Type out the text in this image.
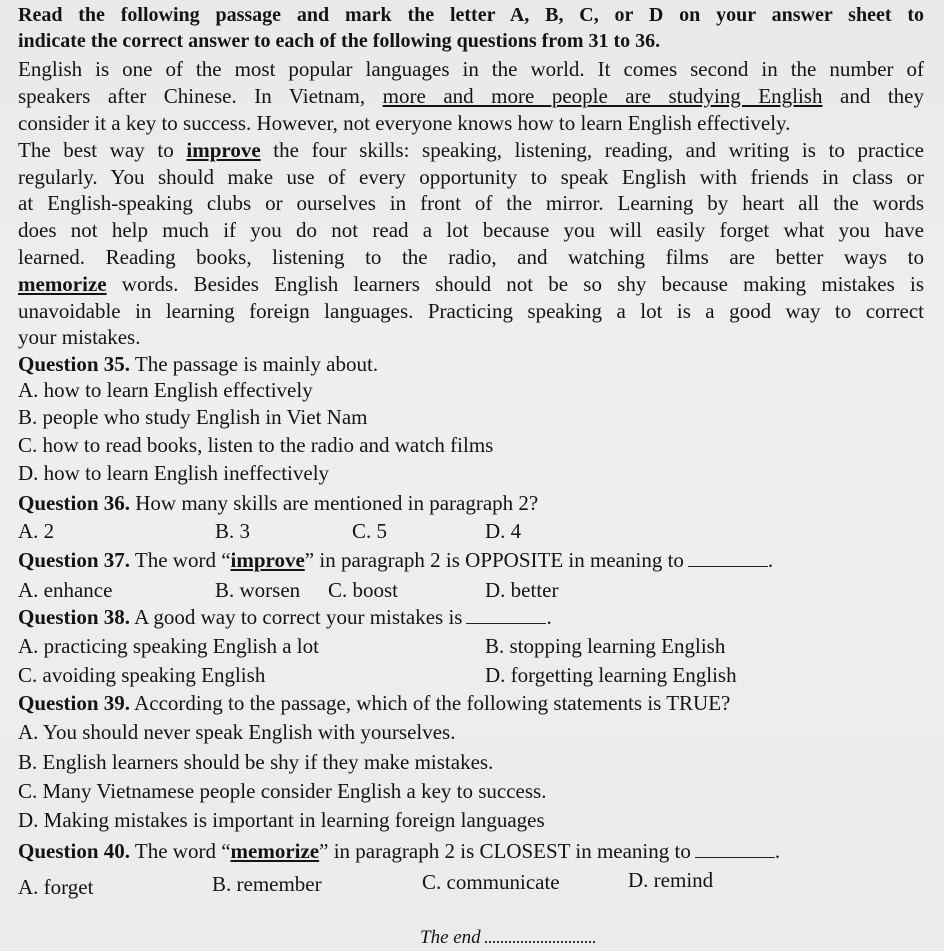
Read the following passage and mark the letter A, B, C, or D on your answer sheet to
indicate the correct answer to each of the following questions from 31 to 36.
English is one of the most popular languages in the world. It comes second in the number of
speakers after Chinese. In Vietnam, more and more people are studying English and they
consider it a key to success. However, not everyone knows how to learn English effectively.
The best way to improve the four skills: speaking, listening, reading, and writing is to practice
regularly. You should make use of every opportunity to speak English with friends in class or
at English-speaking clubs or ourselves in front of the mirror. Learning by heart all the words
does not help much if you do not read a lot because you will easily forget what you have
learned. Reading books, listening to the radio, and watching films are better ways to
memorize words. Besides English learners should not be so shy because making mistakes is
unavoidable in learning foreign languages. Practicing speaking a lot is a good way to correct
your mistakes.
Question 35. The passage is mainly about.
A. how to learn English effectively
B. people who study English in Viet Nam
C. how to read books, listen to the radio and watch films
D. how to learn English ineffectively
Question 36. How many skills are mentioned in paragraph 2?
A. 2	B. 3	C. 5	D. 4
Question 37. The word “improve” in paragraph 2 is OPPOSITE in meaning to	.
A. enhance	B. worsen C. boost	D. better
Question 38. A good way to correct your mistakes is	.
A. practicing speaking English a lot	B. stopping learning English
C. avoiding speaking English	D. forgetting learning English
Question 39. According to the passage, which of the following statements is TRUE?
A. You should never speak English with yourselves.
B. English learners should be shy if they make mistakes.
C. Many Vietnamese people consider English a key to success.
D. Making mistakes is important in learning foreign languages
Question 40. The word “memorize” in paragraph 2 is CLOSEST in meaning to	.
A. forget	B. remember	C. communicate	D. remind
The end
